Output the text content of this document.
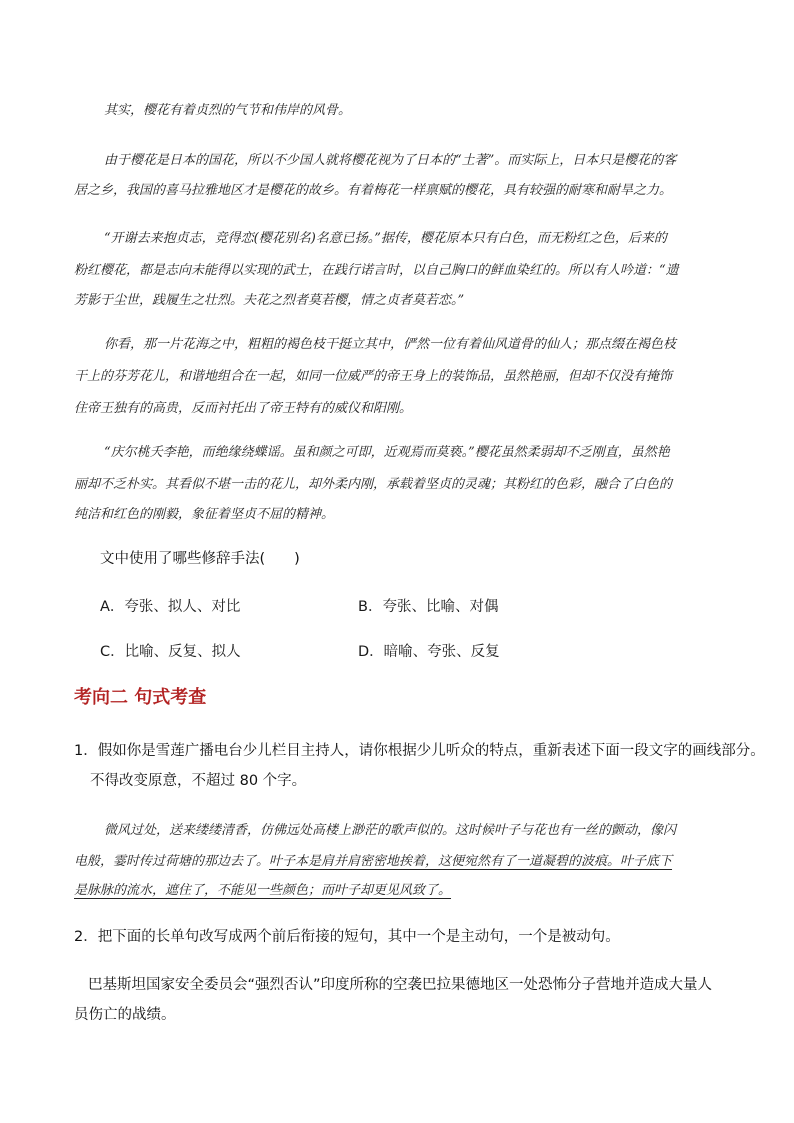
其实，樱花有着贞烈的气节和伟岸的风骨。

由于樱花是日本的国花，所以不少国人就将樱花视为了日本的“土著”。而实际上，日本只是樱花的客

居之乡，我国的喜马拉雅地区才是樱花的故乡。有着梅花一样禀赋的樱花，具有较强的耐寒和耐旱之力。

“开谢去来抱贞志，竞得恋(樱花别名)名意已扬。”据传，樱花原本只有白色，而无粉红之色，后来的

粉红樱花，都是志向未能得以实现的武士，在践行诺言时，以自己胸口的鲜血染红的。所以有人吟道：“遗

芳影于尘世，践履生之壮烈。夫花之烈者莫若樱，情之贞者莫若恋。”

你看，那一片花海之中，粗粗的褐色枝干挺立其中，俨然一位有着仙风道骨的仙人；那点缀在褐色枝

干上的芬芳花儿，和谐地组合在一起，如同一位威严的帝王身上的装饰品，虽然艳丽，但却不仅没有掩饰

住帝王独有的高贵，反而衬托出了帝王特有的威仪和阳刚。

“庆尔桃夭李艳，而绝缘绕蝶谣。虽和颜之可即，近观焉而莫亵。”樱花虽然柔弱却不乏刚直，虽然艳

丽却不乏朴实。其看似不堪一击的花儿，却外柔内刚，承载着坚贞的灵魂；其粉红的色彩，融合了白色的

纯洁和红色的刚毅，象征着坚贞不屈的精神。

文中使用了哪些修辞手法(　　)

A．夸张、拟人、对比	B．夸张、比喻、对偶
C．比喻、反复、拟人	D．暗喻、夸张、反复
考向二 句式考查

1．假如你是雪莲广播电台少儿栏目主持人，请你根据少儿听众的特点，重新表述下面一段文字的画线部分。

不得改变原意，不超过 80 个字。

微风过处，送来缕缕清香，仿佛远处高楼上渺茫的歌声似的。这时候叶子与花也有一丝的颤动，像闪

电般，霎时传过荷塘的那边去了。叶子本是肩并肩密密地挨着，这便宛然有了一道凝碧的波痕。叶子底下

是脉脉的流水，遮住了，不能见一些颜色；而叶子却更见风致了。

2．把下面的长单句改写成两个前后衔接的短句，其中一个是主动句，一个是被动句。

巴基斯坦国家安全委员会“强烈否认”印度所称的空袭巴拉果德地区一处恐怖分子营地并造成大量人

员伤亡的战绩。
